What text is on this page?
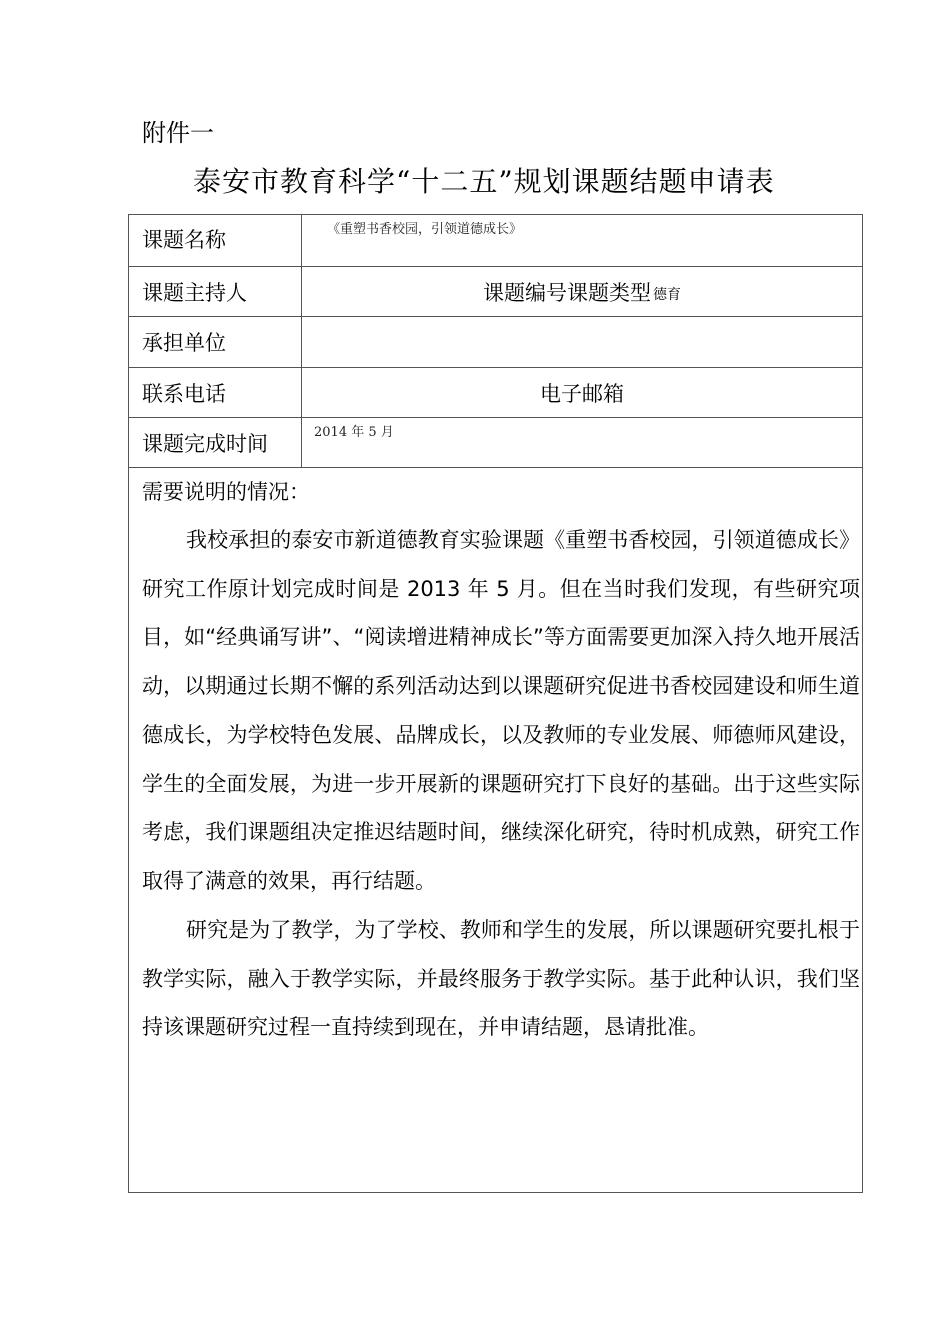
附件一
泰安市教育科学“十二五”规划课题结题申请表
课题名称	《重塑书香校园，引领道德成长》
课题主持人	课题编号课题类型 德育
承担单位
联系电话	电子邮箱
课题完成时间	2014 年 5 月
需要说明的情况：

我校承担的泰安市新道德教育实验课题《重塑书香校园，引领道德成长》研究工作原计划完成时间是 2013 年 5 月。但在当时我们发现，有些研究项目，如“经典诵写讲”、“阅读增进精神成长”等方面需要更加深入持久地开展活动，以期通过长期不懈的系列活动达到以课题研究促进书香校园建设和师生道德成长，为学校特色发展、品牌成长，以及教师的专业发展、师德师风建设，学生的全面发展，为进一步开展新的课题研究打下良好的基础。出于这些实际考虑，我们课题组决定推迟结题时间，继续深化研究，待时机成熟，研究工作取得了满意的效果，再行结题。

研究是为了教学，为了学校、教师和学生的发展，所以课题研究要扎根于教学实际，融入于教学实际，并最终服务于教学实际。基于此种认识，我们坚持该课题研究过程一直持续到现在，并申请结题，恳请批准。
